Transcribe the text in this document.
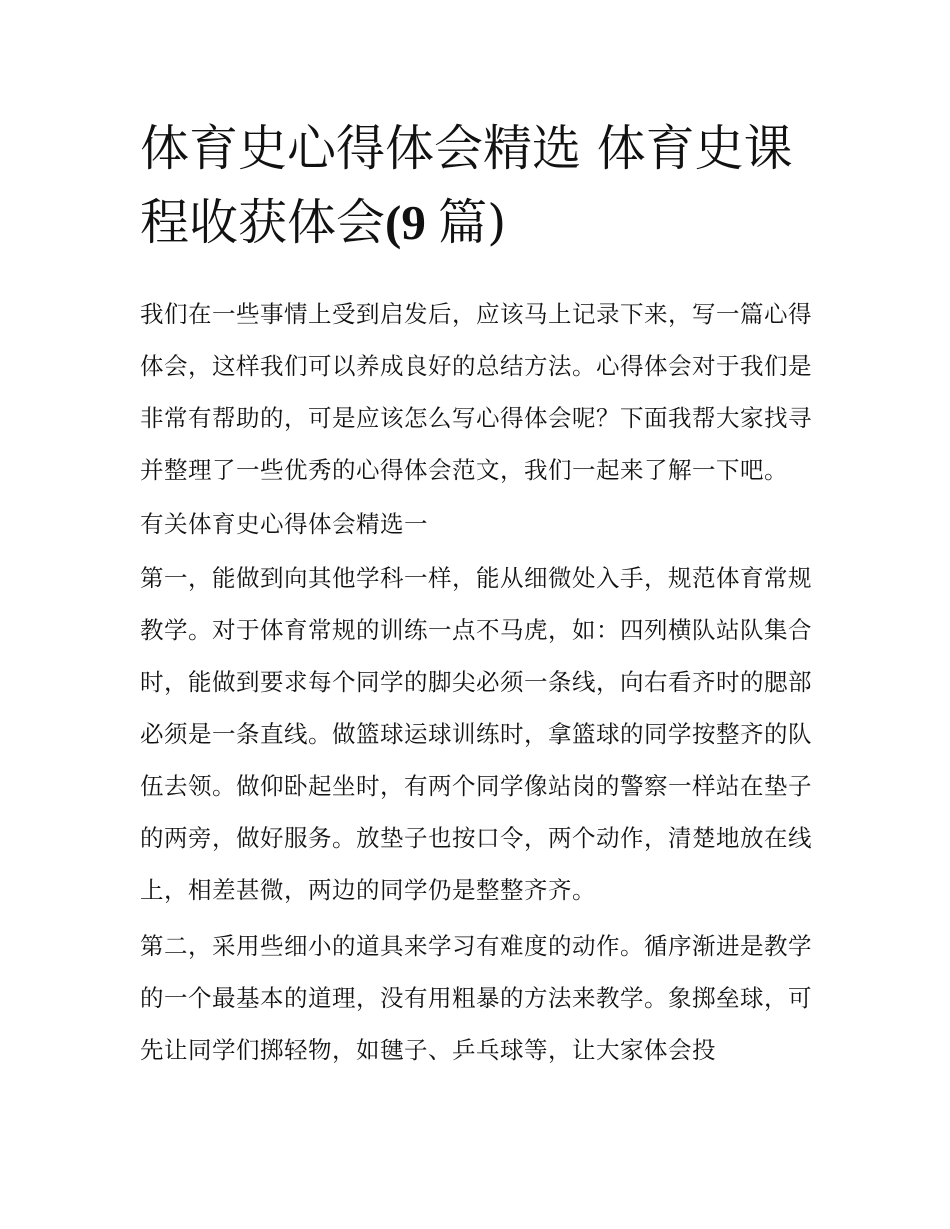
体育史心得体会精选 体育史课程收获体会(9 篇)

我们在一些事情上受到启发后，应该马上记录下来，写一篇心得体会，这样我们可以养成良好的总结方法。心得体会对于我们是非常有帮助的，可是应该怎么写心得体会呢？下面我帮大家找寻并整理了一些优秀的心得体会范文，我们一起来了解一下吧。

有关体育史心得体会精选一

第一，能做到向其他学科一样，能从细微处入手，规范体育常规教学。对于体育常规的训练一点不马虎，如：四列横队站队集合时，能做到要求每个同学的脚尖必须一条线，向右看齐时的腮部必须是一条直线。做篮球运球训练时，拿篮球的同学按整齐的队伍去领。做仰卧起坐时，有两个同学像站岗的警察一样站在垫子的两旁，做好服务。放垫子也按口令，两个动作，清楚地放在线上，相差甚微，两边的同学仍是整整齐齐。

第二，采用些细小的道具来学习有难度的动作。循序渐进是教学的一个最基本的道理，没有用粗暴的方法来教学。象掷垒球，可先让同学们掷轻物，如毽子、乒乓球等，让大家体会投
